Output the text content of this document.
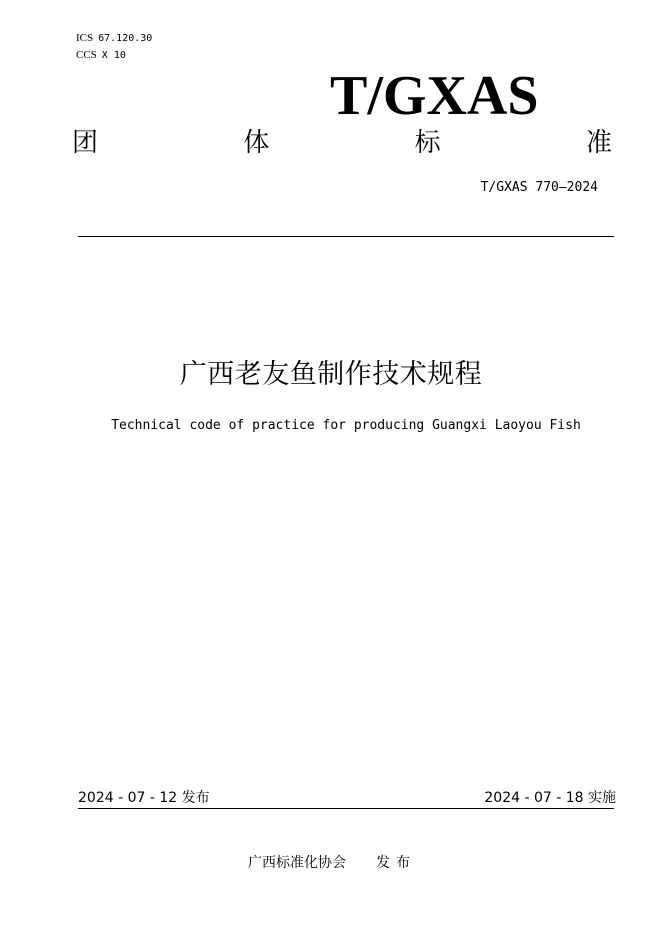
ICS 67.120.30
CCS X 10
T/GXAS
团	体	标	准
T/GXAS 770—2024
广西老友鱼制作技术规程
Technical code of practice for producing Guangxi Laoyou Fish
2024 - 07 - 12 发布	2024 - 07 - 18 实施
广西标准化协会 发布
